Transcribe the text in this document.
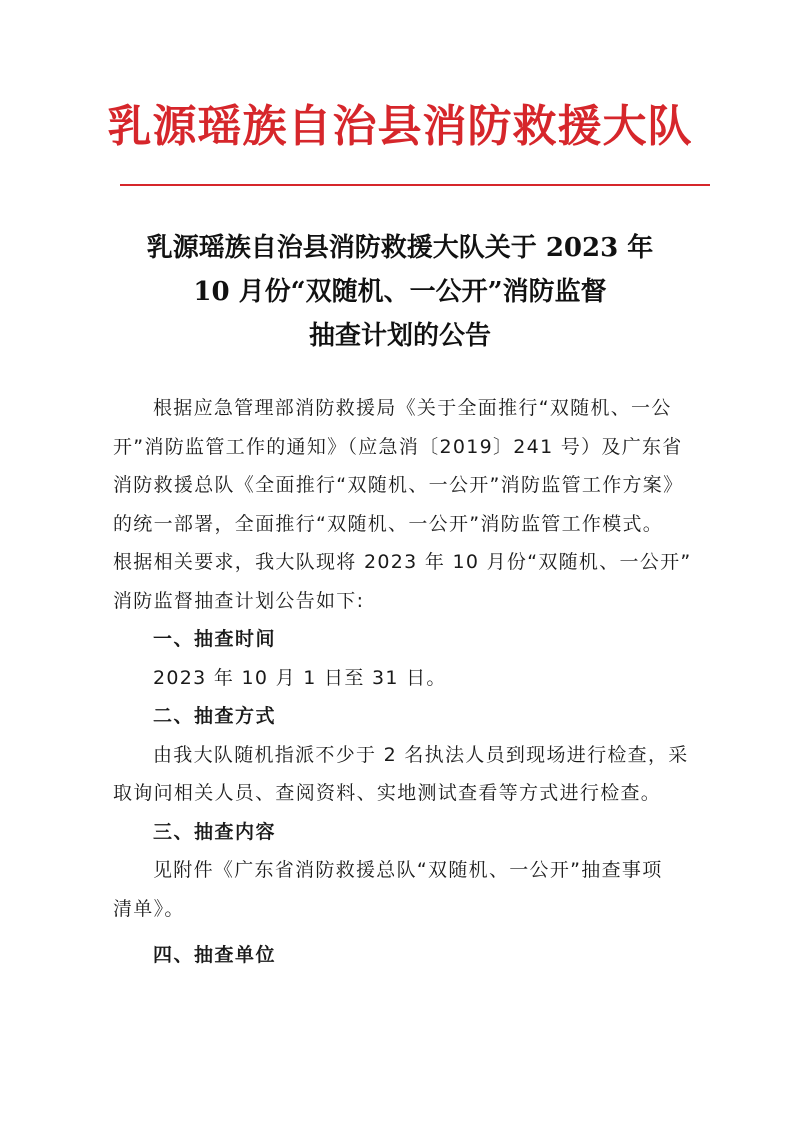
乳源瑶族自治县消防救援大队
乳源瑶族自治县消防救援大队关于 2023 年
10 月份“双随机、一公开”消防监督
抽查计划的公告
根据应急管理部消防救援局《关于全面推行“双随机、一公
开”消防监管工作的通知》（应急消〔2019〕241 号）及广东省
消防救援总队《全面推行“双随机、一公开”消防监管工作方案》
的统一部署，全面推行“双随机、一公开”消防监管工作模式。
根据相关要求，我大队现将 2023 年 10 月份“双随机、一公开”
消防监督抽查计划公告如下:
一、抽查时间
2023 年 10 月 1 日至 31 日。
二、抽查方式
由我大队随机指派不少于 2 名执法人员到现场进行检查，采
取询问相关人员、查阅资料、实地测试查看等方式进行检查。
三、抽查内容
见附件《广东省消防救援总队“双随机、一公开”抽查事项
清单》。
四、抽查单位
